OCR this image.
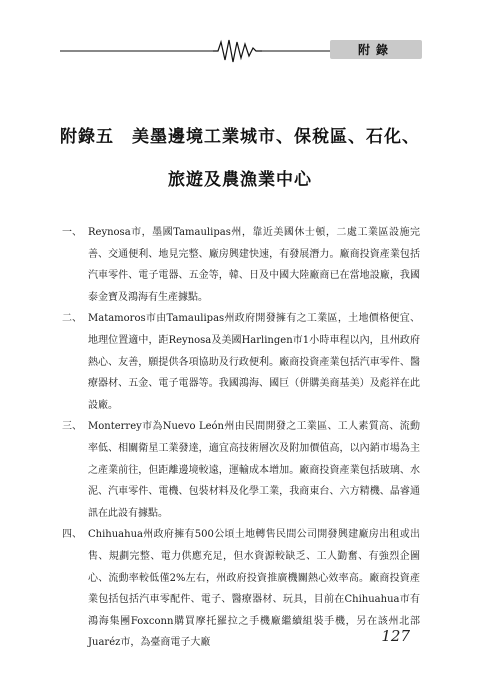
附錄
附錄五　美墨邊境工業城市、保稅區、石化、
旅遊及農漁業中心
一、 Reynosa市，墨國Tamaulipas州，靠近美國休士頓，二處工業區設施完善、交通便利、地見完整、廠房興建快速，有發展潛力。廠商投資產業包括汽車零件、電子電器、五金等，韓、日及中國大陸廠商已在當地設廠，我國泰金寶及鴻海有生產據點。
二、 Matamoros市由Tamaulipas州政府開發擁有之工業區，土地價格便宜、地理位置適中，距Reynosa及美國Harlingen市1小時車程以內，且州政府熱心、友善，願提供各項協助及行政便利。廠商投資產業包括汽車零件、醫療器材、五金、電子電器等。我國鴻海、國巨（併購美商基美）及彪祥在此設廠。
三、 Monterrey市為Nuevo León州由民間開發之工業區、工人素質高、流動率低、相關衛星工業發達，適宜高技術層次及附加價值高，以內銷市場為主之產業前往，但距離邊境較遠，運輸成本增加。廠商投資產業包括玻璃、水泥、汽車零件、電機、包裝材料及化學工業，我商東台、六方精機、晶睿通訊在此設有據點。
四、 Chihuahua州政府擁有500公頃土地轉售民間公司開發興建廠房出租或出售、規劃完整、電力供應充足，但水資源較缺乏、工人勤奮、有強烈企圖心、流動率較低僅2%左右，州政府投資推廣機關熱心效率高。廠商投資產業包括包括汽車零配件、電子、醫療器材、玩具，目前在Chihuahua市有鴻海集團Foxconn購買摩托羅拉之手機廠繼續組裝手機，另在該州北部Juaréz市，為臺商電子大廠	127
